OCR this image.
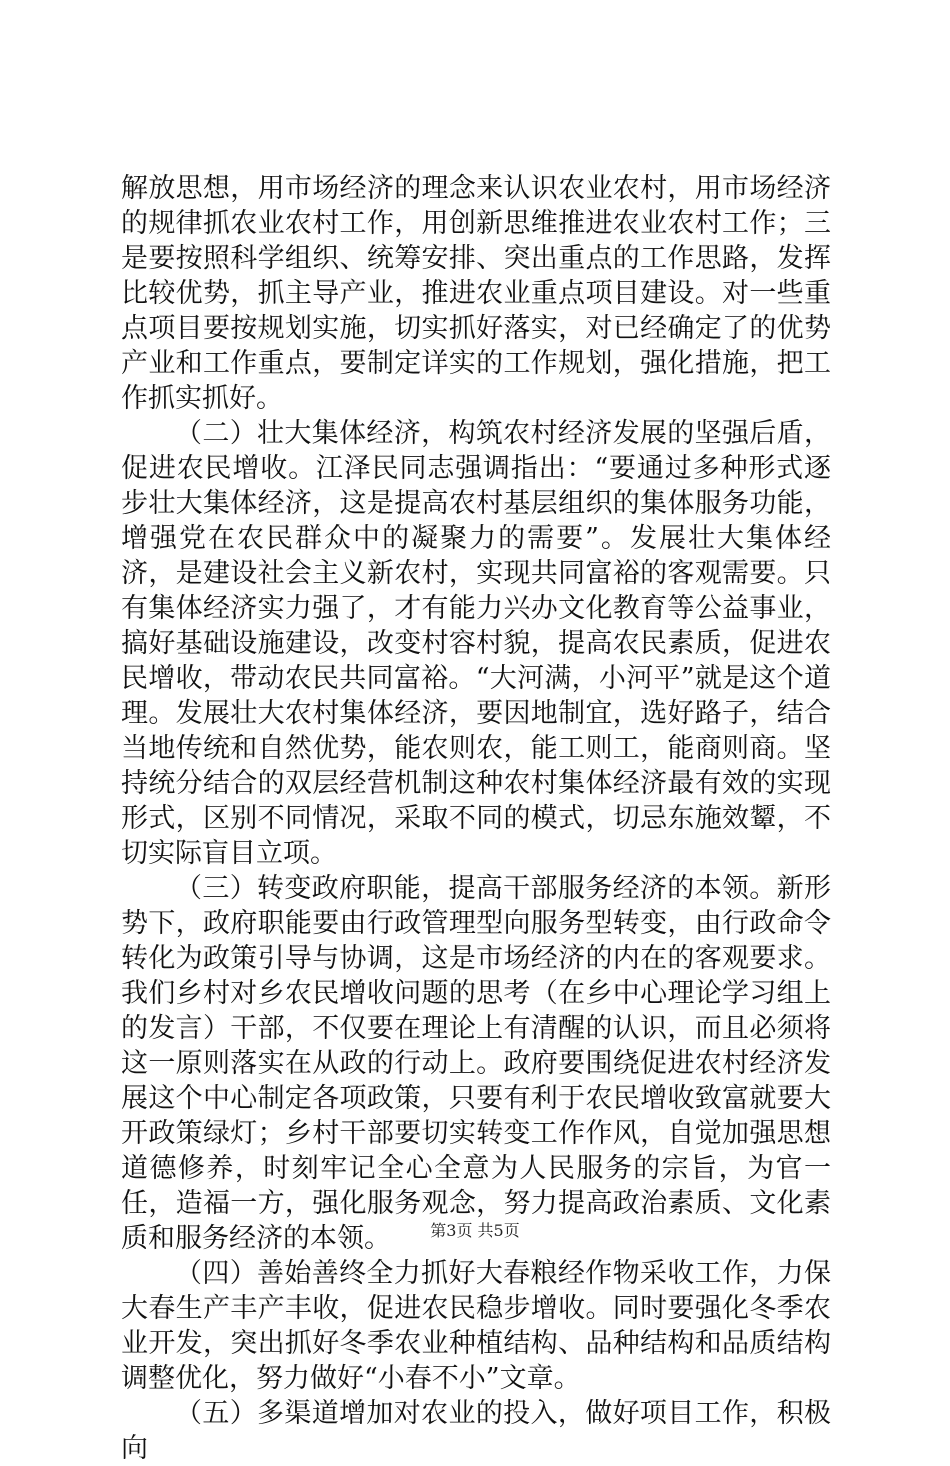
解放思想，用市场经济的理念来认识农业农村，用市场经济的规律抓农业农村工作，用创新思维推进农业农村工作；三是要按照科学组织、统筹安排、突出重点的工作思路，发挥比较优势，抓主导产业，推进农业重点项目建设。对一些重点项目要按规划实施，切实抓好落实，对已经确定了的优势产业和工作重点，要制定详实的工作规划，强化措施，把工作抓实抓好。

（二）壮大集体经济，构筑农村经济发展的坚强后盾，促进农民增收。江泽民同志强调指出：“要通过多种形式逐步壮大集体经济，这是提高农村基层组织的集体服务功能，增强党在农民群众中的凝聚力的需要”。发展壮大集体经济，是建设社会主义新农村，实现共同富裕的客观需要。只有集体经济实力强了，才有能力兴办文化教育等公益事业，搞好基础设施建设，改变村容村貌，提高农民素质，促进农民增收，带动农民共同富裕。“大河满，小河平”就是这个道理。发展壮大农村集体经济，要因地制宜，选好路子，结合当地传统和自然优势，能农则农，能工则工，能商则商。坚持统分结合的双层经营机制这种农村集体经济最有效的实现形式，区别不同情况，采取不同的模式，切忌东施效颦，不切实际盲目立项。

（三）转变政府职能，提高干部服务经济的本领。新形势下，政府职能要由行政管理型向服务型转变，由行政命令转化为政策引导与协调，这是市场经济的内在的客观要求。我们乡村对乡农民增收问题的思考（在乡中心理论学习组上的发言）干部，不仅要在理论上有清醒的认识，而且必须将这一原则落实在从政的行动上。政府要围绕促进农村经济发展这个中心制定各项政策，只要有利于农民增收致富就要大开政策绿灯；乡村干部要切实转变工作作风，自觉加强思想道德修养，时刻牢记全心全意为人民服务的宗旨，为官一任，造福一方，强化服务观念，努力提高政治素质、文化素质和服务经济的本领。

（四）善始善终全力抓好大春粮经作物采收工作，力保大春生产丰产丰收，促进农民稳步增收。同时要强化冬季农业开发，突出抓好冬季农业种植结构、品种结构和品质结构调整优化，努力做好“小春不小”文章。

（五）多渠道增加对农业的投入，做好项目工作，积极向

第3页 共5页
